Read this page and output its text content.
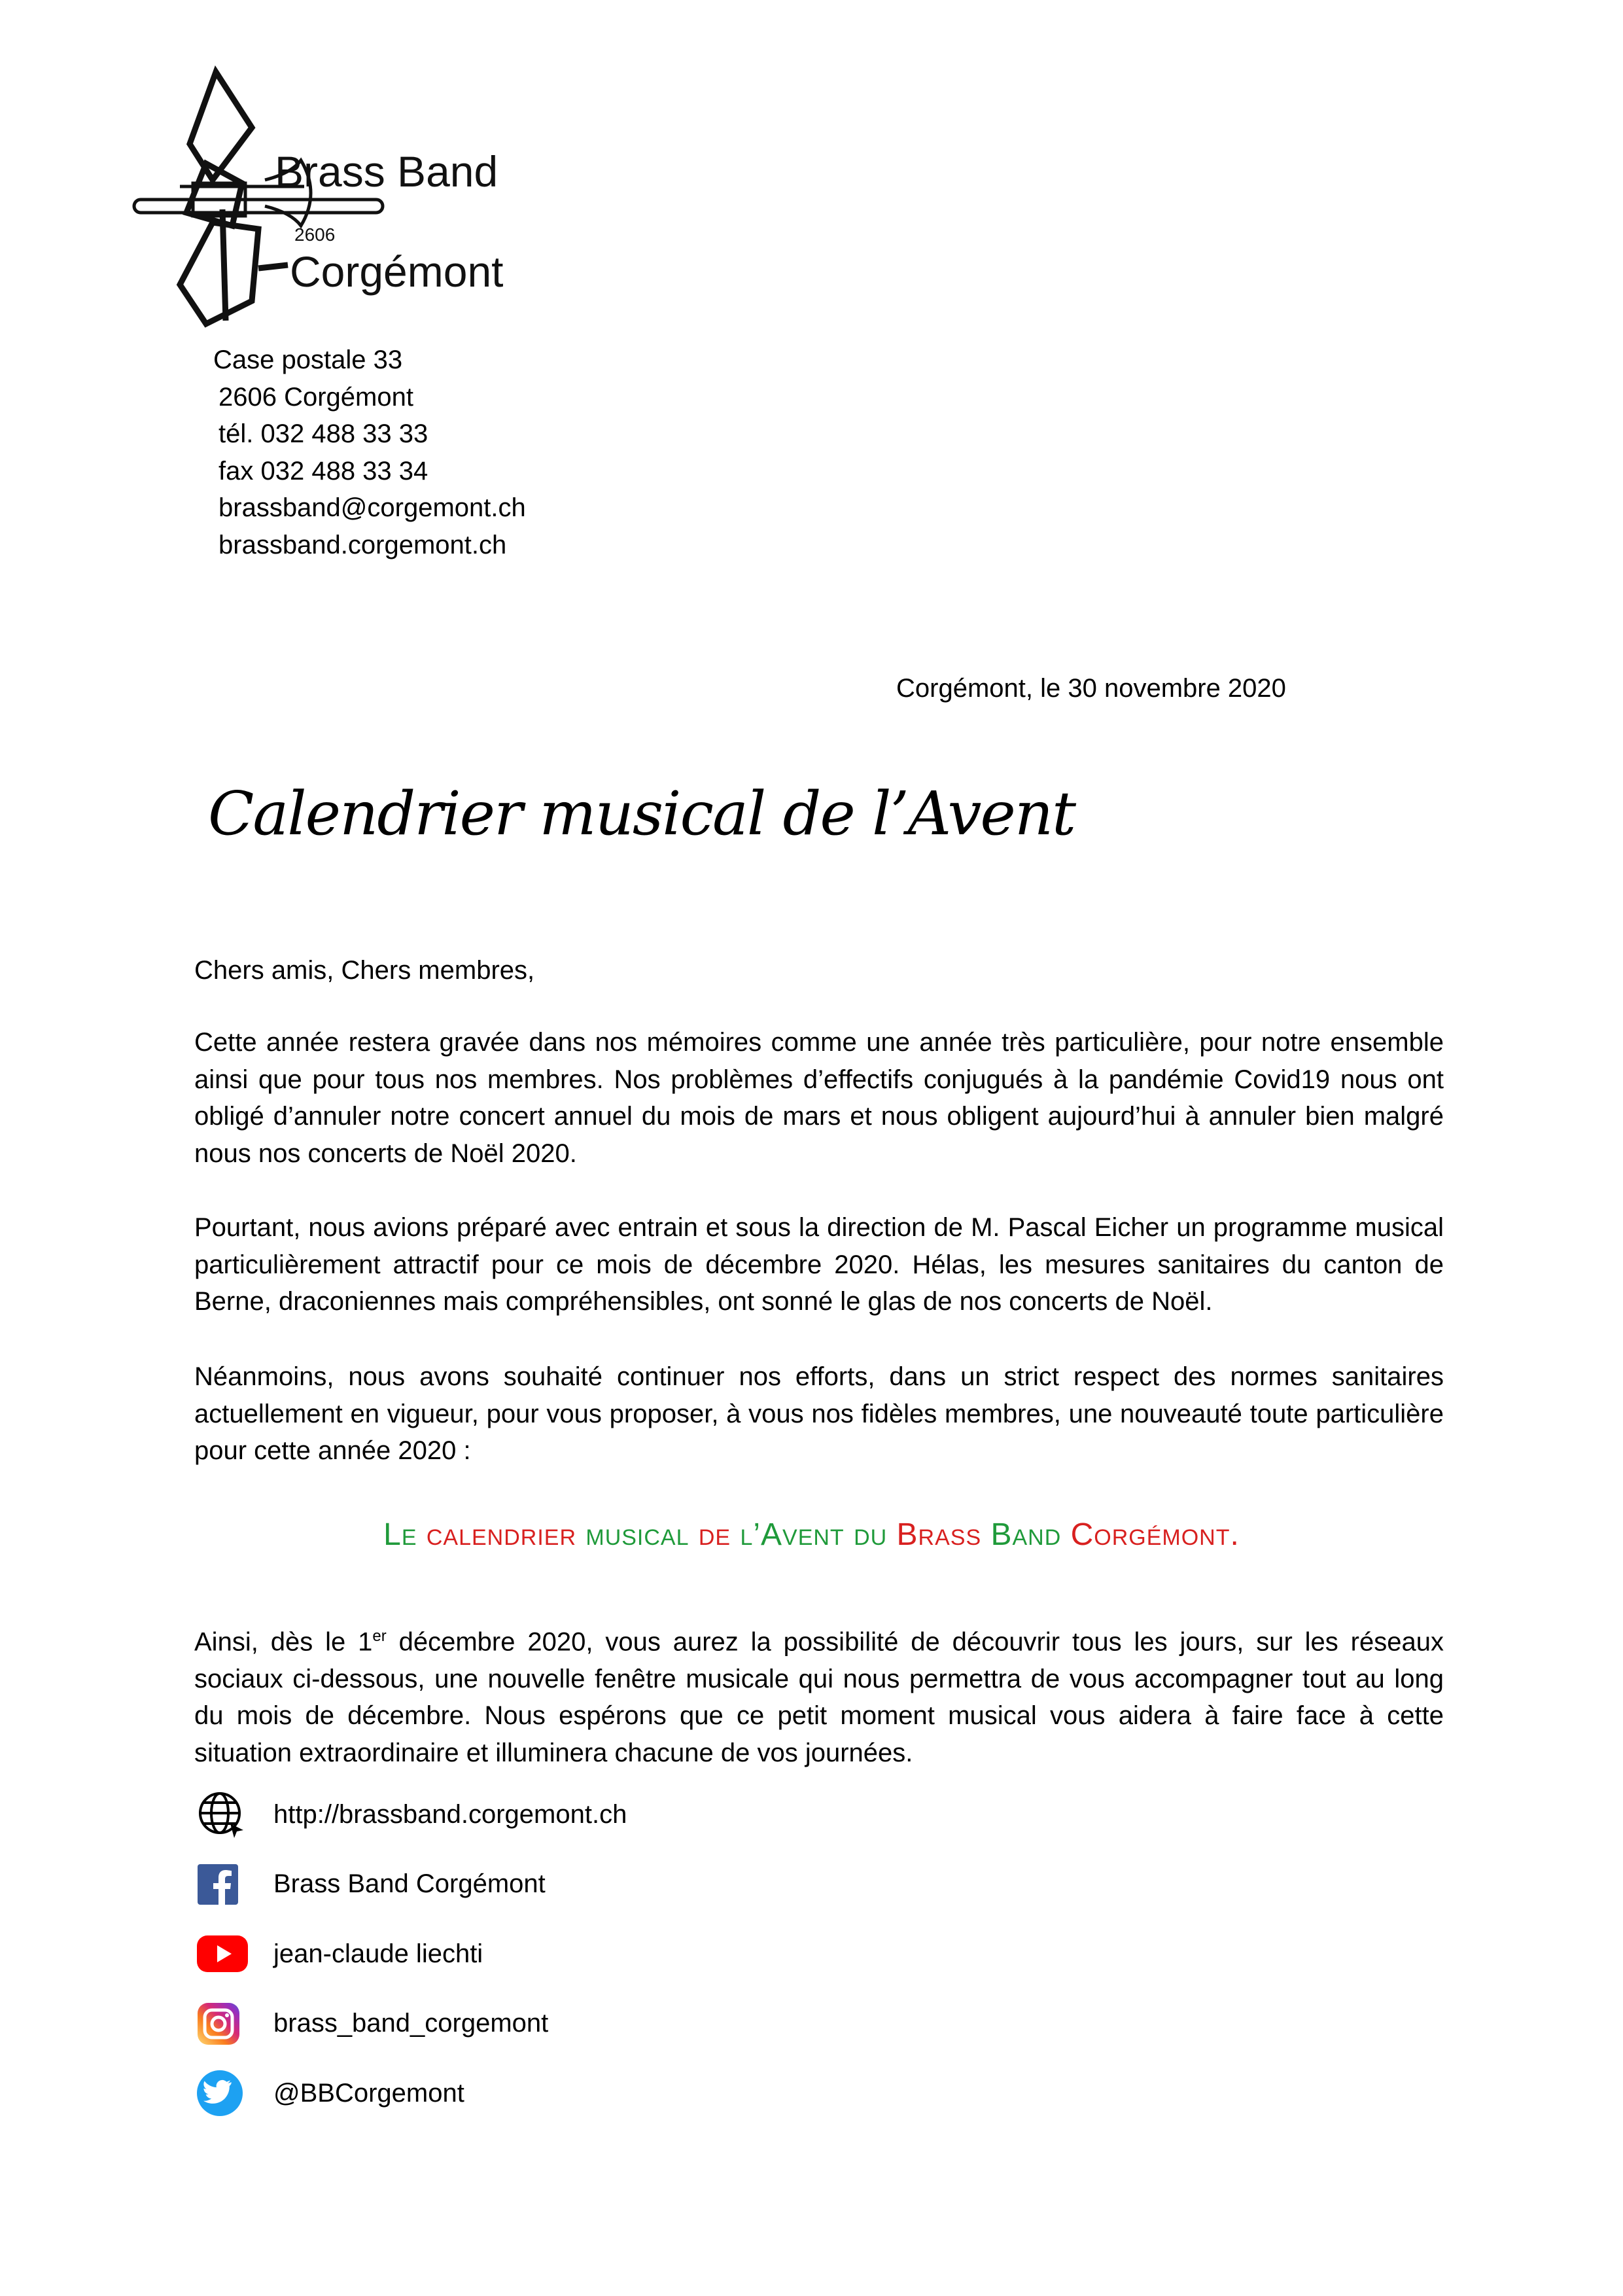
Brass Band
2606
Corgémont
Case postale 33
2606 Corgémont
tél. 032 488 33 33
fax 032 488 33 34
brassband@corgemont.ch
brassband.corgemont.ch
Corgémont, le 30 novembre 2020
Calendrier musical de l’Avent
Chers amis, Chers membres,

Cette année restera gravée dans nos mémoires comme une année très particulière, pour notre ensemble ainsi que pour tous nos membres. Nos problèmes d’effectifs conjugués à la pandémie Covid19 nous ont obligé d’annuler notre concert annuel du mois de mars et nous obligent aujourd’hui à annuler bien malgré nous nos concerts de Noël 2020.

Pourtant, nous avions préparé avec entrain et sous la direction de M. Pascal Eicher un programme musical particulièrement attractif pour ce mois de décembre 2020. Hélas, les mesures sanitaires du canton de Berne, draconiennes mais compréhensibles, ont sonné le glas de nos concerts de Noël.

Néanmoins, nous avons souhaité continuer nos efforts, dans un strict respect des normes sanitaires actuellement en vigueur, pour vous proposer, à vous nos fidèles membres, une nouveauté toute particulière pour cette année 2020 :

Le calendrier musical de l’Avent du Brass Band Corgémont.

Ainsi, dès le 1er décembre 2020, vous aurez la possibilité de découvrir tous les jours, sur les réseaux sociaux ci-dessous, une nouvelle fenêtre musicale qui nous permettra de vous accompagner tout au long du mois de décembre. Nous espérons que ce petit moment musical vous aidera à faire face à cette situation extraordinaire et illuminera chacune de vos journées.

http://brassband.corgemont.ch
Brass Band Corgémont
jean-claude liechti
brass_band_corgemont
@BBCorgemont
